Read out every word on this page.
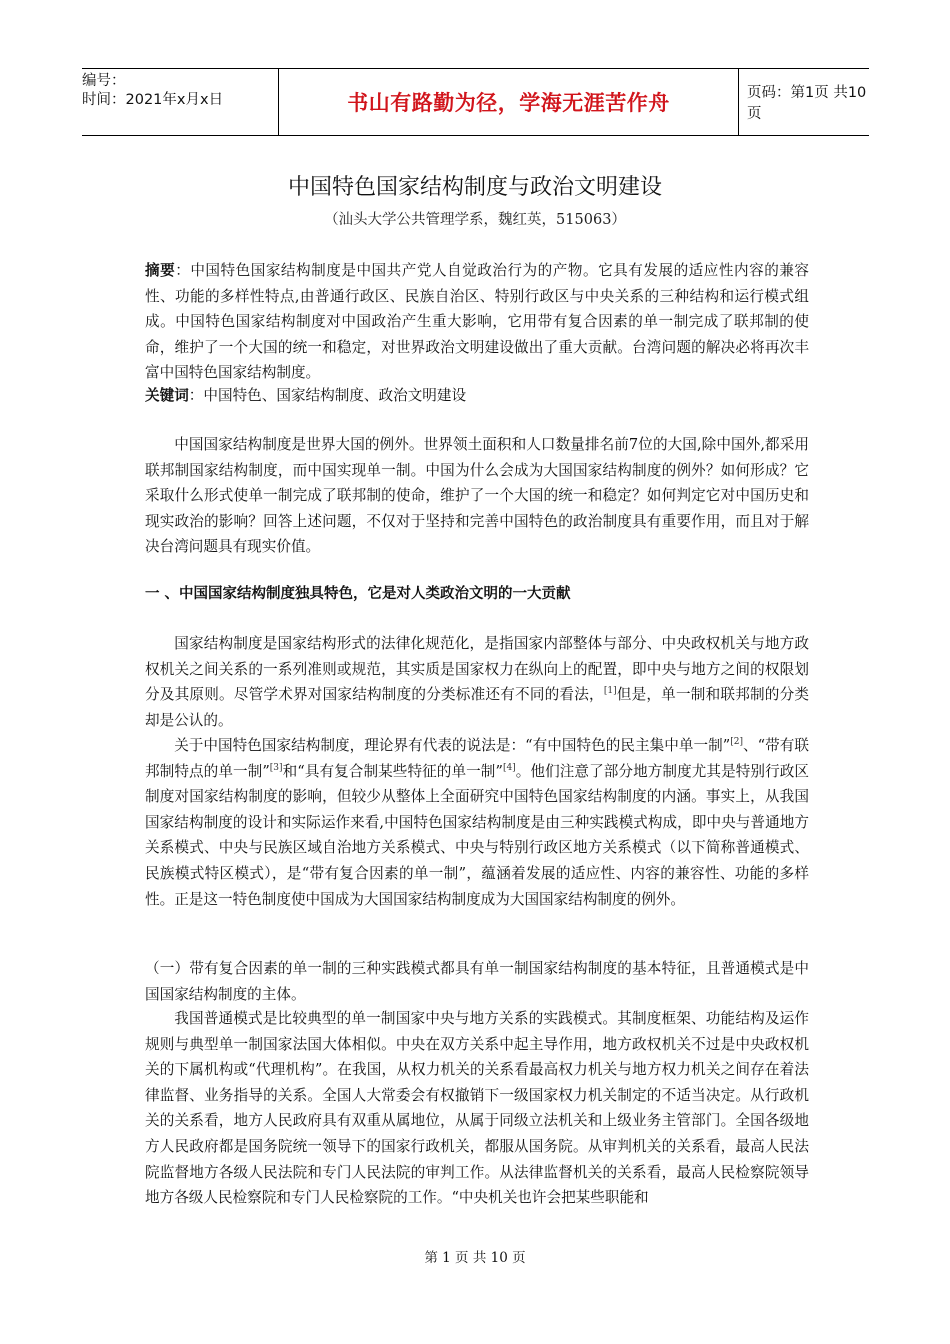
编号：
时间：2021年x月x日	书山有路勤为径，学海无涯苦作舟	页码：第1页 共10页
中国特色国家结构制度与政治文明建设
（汕头大学公共管理学系，魏红英，515063）

摘要：中国特色国家结构制度是中国共产党人自觉政治行为的产物。它具有发展的适应性内容的兼容性、功能的多样性特点,由普通行政区、民族自治区、特别行政区与中央关系的三种结构和运行模式组成。中国特色国家结构制度对中国政治产生重大影响，它用带有复合因素的单一制完成了联邦制的使命，维护了一个大国的统一和稳定，对世界政治文明建设做出了重大贡献。台湾问题的解决必将再次丰富中国特色国家结构制度。

关键词：中国特色、国家结构制度、政治文明建设

中国国家结构制度是世界大国的例外。世界领土面积和人口数量排名前7位的大国,除中国外,都采用联邦制国家结构制度，而中国实现单一制。中国为什么会成为大国国家结构制度的例外？如何形成？它采取什么形式使单一制完成了联邦制的使命，维护了一个大国的统一和稳定？如何判定它对中国历史和现实政治的影响？回答上述问题，不仅对于坚持和完善中国特色的政治制度具有重要作用，而且对于解决台湾问题具有现实价值。

一 、中国国家结构制度独具特色，它是对人类政治文明的一大贡献

国家结构制度是国家结构形式的法律化规范化，是指国家内部整体与部分、中央政权机关与地方政权机关之间关系的一系列准则或规范，其实质是国家权力在纵向上的配置，即中央与地方之间的权限划分及其原则。尽管学术界对国家结构制度的分类标准还有不同的看法，[1]但是，单一制和联邦制的分类却是公认的。

关于中国特色国家结构制度，理论界有代表的说法是：“有中国特色的民主集中单一制”[2]、“带有联邦制特点的单一制”[3]和“具有复合制某些特征的单一制”[4]。他们注意了部分地方制度尤其是特别行政区制度对国家结构制度的影响，但较少从整体上全面研究中国特色国家结构制度的内涵。事实上，从我国国家结构制度的设计和实际运作来看,中国特色国家结构制度是由三种实践模式构成，即中央与普通地方关系模式、中央与民族区域自治地方关系模式、中央与特别行政区地方关系模式（以下简称普通模式、民族模式特区模式），是“带有复合因素的单一制”，蕴涵着发展的适应性、内容的兼容性、功能的多样性。正是这一特色制度使中国成为大国国家结构制度成为大国国家结构制度的例外。

（一）带有复合因素的单一制的三种实践模式都具有单一制国家结构制度的基本特征，且普通模式是中国国家结构制度的主体。

我国普通模式是比较典型的单一制国家中央与地方关系的实践模式。其制度框架、功能结构及运作规则与典型单一制国家法国大体相似。中央在双方关系中起主导作用，地方政权机关不过是中央政权机关的下属机构或“代理机构”。在我国，从权力机关的关系看最高权力机关与地方权力机关之间存在着法律监督、业务指导的关系。全国人大常委会有权撤销下一级国家权力机关制定的不适当决定。从行政机关的关系看，地方人民政府具有双重从属地位，从属于同级立法机关和上级业务主管部门。全国各级地方人民政府都是国务院统一领导下的国家行政机关，都服从国务院。从审判机关的关系看，最高人民法院监督地方各级人民法院和专门人民法院的审判工作。从法律监督机关的关系看，最高人民检察院领导地方各级人民检察院和专门人民检察院的工作。“中央机关也许会把某些职能和

第 1 页 共 10 页
